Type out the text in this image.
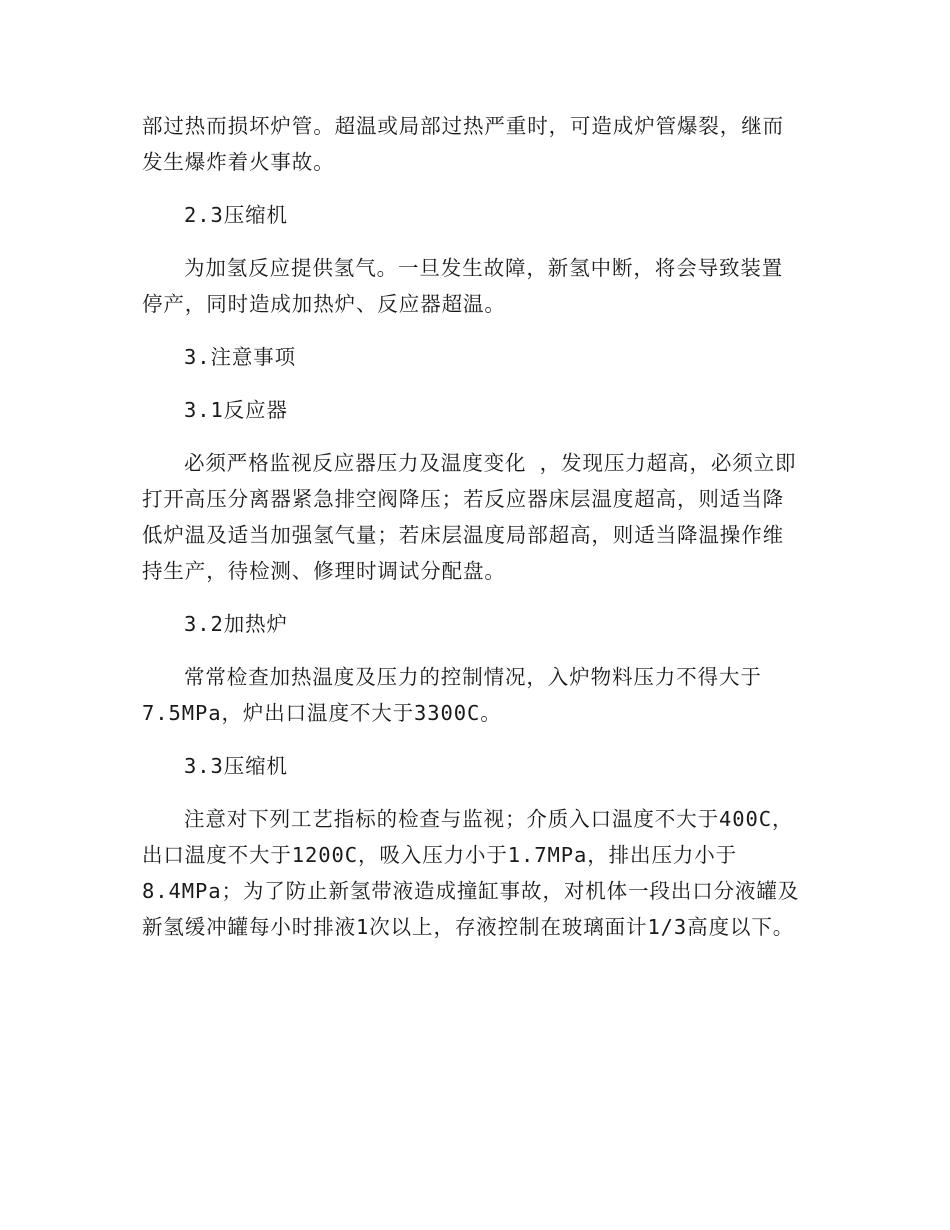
部过热而损坏炉管。超温或局部过热严重时，可造成炉管爆裂，继而
发生爆炸着火事故。
2.3压缩机
为加氢反应提供氢气。一旦发生故障，新氢中断，将会导致装置
停产，同时造成加热炉、反应器超温。
3.注意事项
3.1反应器
必须严格监视反应器压力及温度变化 ，发现压力超高，必须立即
打开高压分离器紧急排空阀降压；若反应器床层温度超高，则适当降
低炉温及适当加强氢气量；若床层温度局部超高，则适当降温操作维
持生产，待检测、修理时调试分配盘。
3.2加热炉
常常检查加热温度及压力的控制情况，入炉物料压力不得大于
7.5MPa，炉出口温度不大于3300C。
3.3压缩机
注意对下列工艺指标的检查与监视；介质入口温度不大于400C，
出口温度不大于1200C，吸入压力小于1.7MPa，排出压力小于
8.4MPa；为了防止新氢带液造成撞缸事故，对机体一段出口分液罐及
新氢缓冲罐每小时排液1次以上，存液控制在玻璃面计1/3高度以下。
